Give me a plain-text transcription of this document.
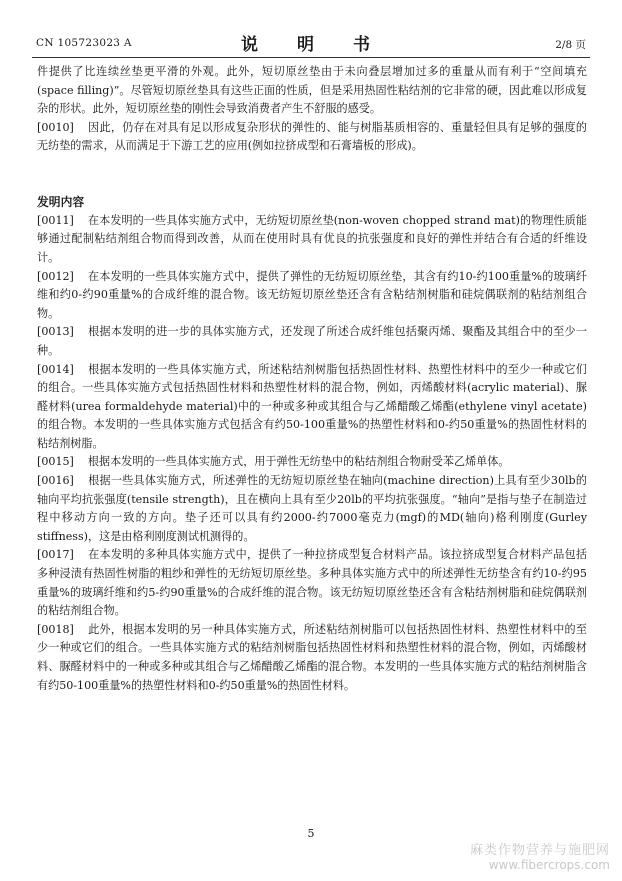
CN 105723023 A	说　明　书	2/8 页

件提供了比连续丝垫更平滑的外观。此外，短切原丝垫由于未向叠层增加过多的重量从而有利于“空间填充(space filling)”。尽管短切原丝垫具有这些正面的性质，但是采用热固性粘结剂的它非常的硬，因此难以形成复杂的形状。此外，短切原丝垫的刚性会导致消费者产生不舒服的感受。

[0010] 因此，仍存在对具有足以形成复杂形状的弹性的、能与树脂基质相容的、重量轻但具有足够的强度的无纺垫的需求，从而满足于下游工艺的应用(例如拉挤成型和石膏墙板的形成)。

发明内容

[0011] 在本发明的一些具体实施方式中，无纺短切原丝垫(non-woven chopped strand mat)的物理性质能够通过配制粘结剂组合物而得到改善，从而在使用时具有优良的抗张强度和良好的弹性并结合有合适的纤维设计。

[0012] 在本发明的一些具体实施方式中，提供了弹性的无纺短切原丝垫，其含有约10-约100重量%的玻璃纤维和约0-约90重量%的合成纤维的混合物。该无纺短切原丝垫还含有含粘结剂树脂和硅烷偶联剂的粘结剂组合物。

[0013] 根据本发明的进一步的具体实施方式，还发现了所述合成纤维包括聚丙烯、聚酯及其组合中的至少一种。

[0014] 根据本发明的一些具体实施方式，所述粘结剂树脂包括热固性材料、热塑性材料中的至少一种或它们的组合。一些具体实施方式包括热固性材料和热塑性材料的混合物，例如，丙烯酸材料(acrylic material)、脲醛材料(urea formaldehyde material)中的一种或多种或其组合与乙烯醋酸乙烯酯(ethylene vinyl acetate)的组合物。本发明的一些具体实施方式包括含有约50-100重量%的热塑性材料和0-约50重量%的热固性材料的粘结剂树脂。

[0015] 根据本发明的一些具体实施方式，用于弹性无纺垫中的粘结剂组合物耐受苯乙烯单体。

[0016] 根据一些具体实施方式，所述弹性的无纺短切原丝垫在轴向(machine direction)上具有至少30lb的轴向平均抗张强度(tensile strength)，且在横向上具有至少20lb的平均抗张强度。“轴向”是指与垫子在制造过程中移动方向一致的方向。垫子还可以具有约2000-约7000毫克力(mgf)的MD(轴向)格利刚度(Gurley stiffness)，这是由格利刚度测试机测得的。

[0017] 在本发明的多种具体实施方式中，提供了一种拉挤成型复合材料产品。该拉挤成型复合材料产品包括多种浸渍有热固性树脂的粗纱和弹性的无纺短切原丝垫。多种具体实施方式中的所述弹性无纺垫含有约10-约95重量%的玻璃纤维和约5-约90重量%的合成纤维的混合物。该无纺短切原丝垫还含有含粘结剂树脂和硅烷偶联剂的粘结剂组合物。

[0018] 此外，根据本发明的另一种具体实施方式，所述粘结剂树脂可以包括热固性材料、热塑性材料中的至少一种或它们的组合。一些具体实施方式的粘结剂树脂包括热固性材料和热塑性材料的混合物，例如，丙烯酸材料、脲醛材料中的一种或多种或其组合与乙烯醋酸乙烯酯的混合物。本发明的一些具体实施方式的粘结剂树脂含有约50-100重量%的热塑性材料和0-约50重量%的热固性材料。

5
麻类作物营养与施肥网
www.fibercrops.com
